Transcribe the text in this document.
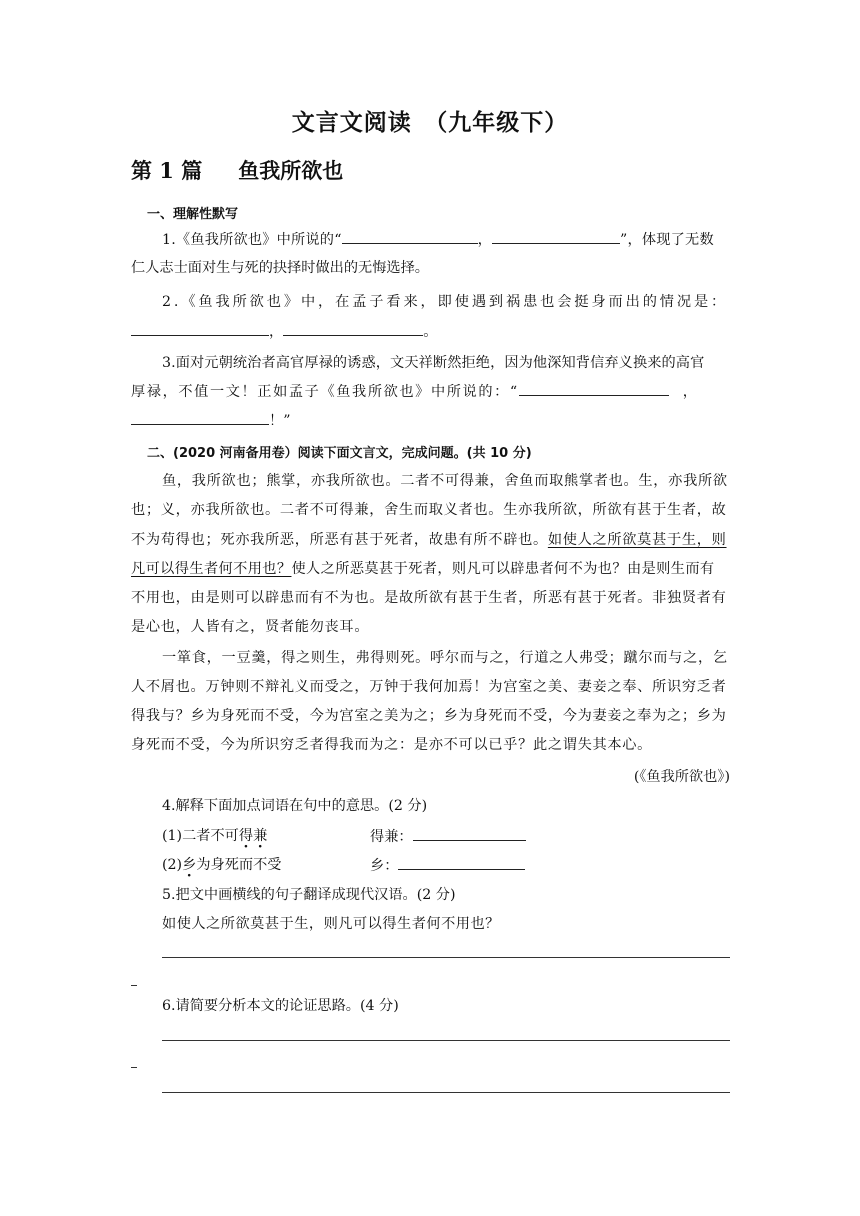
文言文阅读　（九年级下）
第 1 篇 鱼我所欲也
一、理解性默写
1.《鱼我所欲也》中所说的“	，	”，体现了无数
仁人志士面对生与死的抉择时做出的无悔选择。
2.《鱼我所欲也》中，在孟子看来，即使遇到祸患也会挺身而出的情况是：
，	。
3.面对元朝统治者高官厚禄的诱惑，文天祥断然拒绝，因为他深知背信弃义换来的高官
厚禄，不值一文！正如孟子《鱼我所欲也》中所说的：“	，
！”
二、(2020 河南备用卷）阅读下面文言文，完成问题。(共 10 分)
鱼，我所欲也；熊掌，亦我所欲也。二者不可得兼，舍鱼而取熊掌者也。生，亦我所欲
也；义，亦我所欲也。二者不可得兼，舍生而取义者也。生亦我所欲，所欲有甚于生者，故
不为苟得也；死亦我所恶，所恶有甚于死者，故患有所不辟也。如使人之所欲莫甚于生，则
凡可以得生者何不用也？使人之所恶莫甚于死者，则凡可以辟患者何不为也？由是则生而有
不用也，由是则可以辟患而有不为也。是故所欲有甚于生者，所恶有甚于死者。非独贤者有
是心也，人皆有之，贤者能勿丧耳。
一箪食，一豆羹，得之则生，弗得则死。呼尔而与之，行道之人弗受；蹴尔而与之，乞
人不屑也。万钟则不辩礼义而受之，万钟于我何加焉！为宫室之美、妻妾之奉、所识穷乏者
得我与？乡为身死而不受，今为宫室之美为之；乡为身死而不受，今为妻妾之奉为之；乡为
身死而不受，今为所识穷乏者得我而为之：是亦不可以已乎？此之谓失其本心。
(《鱼我所欲也》)
4.解释下面加点词语在句中的意思。(2 分)
(1)二者不可得兼	得兼：
(2)乡为身死而不受	乡：
5.把文中画横线的句子翻译成现代汉语。(2 分)
如使人之所欲莫甚于生，则凡可以得生者何不用也？
6.请简要分析本文的论证思路。(4 分)
